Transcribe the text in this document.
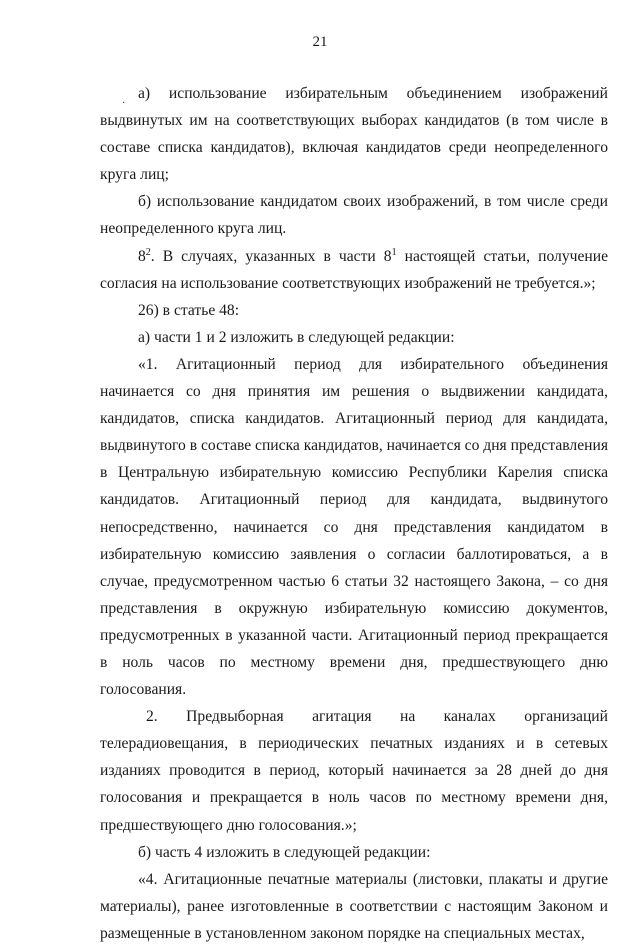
21
·

а) использование избирательным объединением изображений выдвинутых им на соответствующих выборах кандидатов (в том числе в составе списка кандидатов), включая кандидатов среди неопределенного круга лиц;

б) использование кандидатом своих изображений, в том числе среди неопределенного круга лиц.

$8^2$. В случаях, указанных в части $8^1$ настоящей статьи, получение согласия на использование соответствующих изображений не требуется.»;

26) в статье 48:

а) части 1 и 2 изложить в следующей редакции:

«1. Агитационный период для избирательного объединения начинается со дня принятия им решения о выдвижении кандидата, кандидатов, списка кандидатов. Агитационный период для кандидата, выдвинутого в составе списка кандидатов, начинается со дня представления в Центральную избирательную комиссию Республики Карелия списка кандидатов. Агитационный период для кандидата, выдвинутого непосредственно, начинается со дня представления кандидатом в избирательную комиссию заявления о согласии баллотироваться, а в случае, предусмотренном частью 6 статьи 32 настоящего Закона, – со дня представления в окружную избирательную комиссию документов, предусмотренных в указанной части. Агитационный период прекращается в ноль часов по местному времени дня, предшествующего дню голосования.

2. Предвыборная агитация на каналах организаций телерадиовещания, в периодических печатных изданиях и в сетевых изданиях проводится в период, который начинается за 28 дней до дня голосования и прекращается в ноль часов по местному времени дня, предшествующего дню голосования.»;

б) часть 4 изложить в следующей редакции:

«4. Агитационные печатные материалы (листовки, плакаты и другие материалы), ранее изготовленные в соответствии с настоящим Законом и размещенные в установленном законом порядке на специальных местах,
